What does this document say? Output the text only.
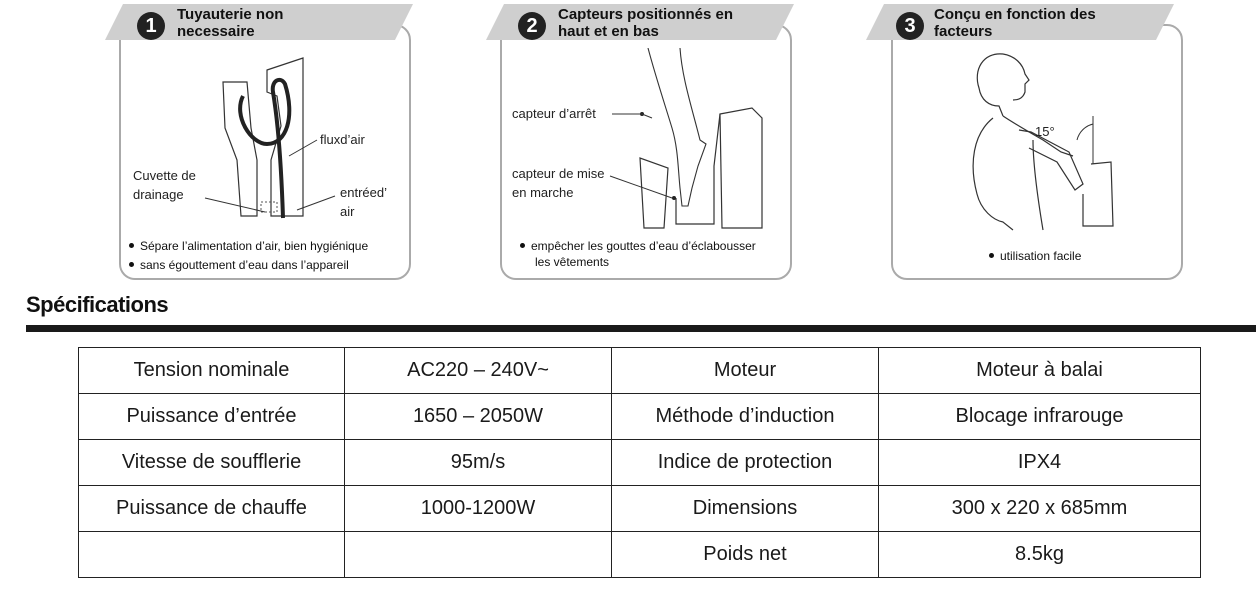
fluxd’air
Cuvette de
drainage	entréed’
air
Sépare l’alimentation d’air, bien hygiénique
sans égouttement d’eau dans l’appareil
1
Tuyauterie non
necessaire
capteur d’arrêt
capteur de mise
en marche
empêcher les gouttes d’eau d’éclabousser
les vêtements
2
Capteurs positionnés en
haut et en bas
15°
utilisation facile
3
Conçu en fonction des
facteurs
Spécifications
Tension nominale	AC220 – 240V~	Moteur	Moteur à balai
Puissance d’entrée	1650 – 2050W	Méthode d’induction	Blocage infrarouge
Vitesse de soufflerie	95m/s	Indice de protection	IPX4
Puissance de chauffe	1000-1200W	Dimensions	300 x 220 x 685mm
		Poids net	8.5kg
